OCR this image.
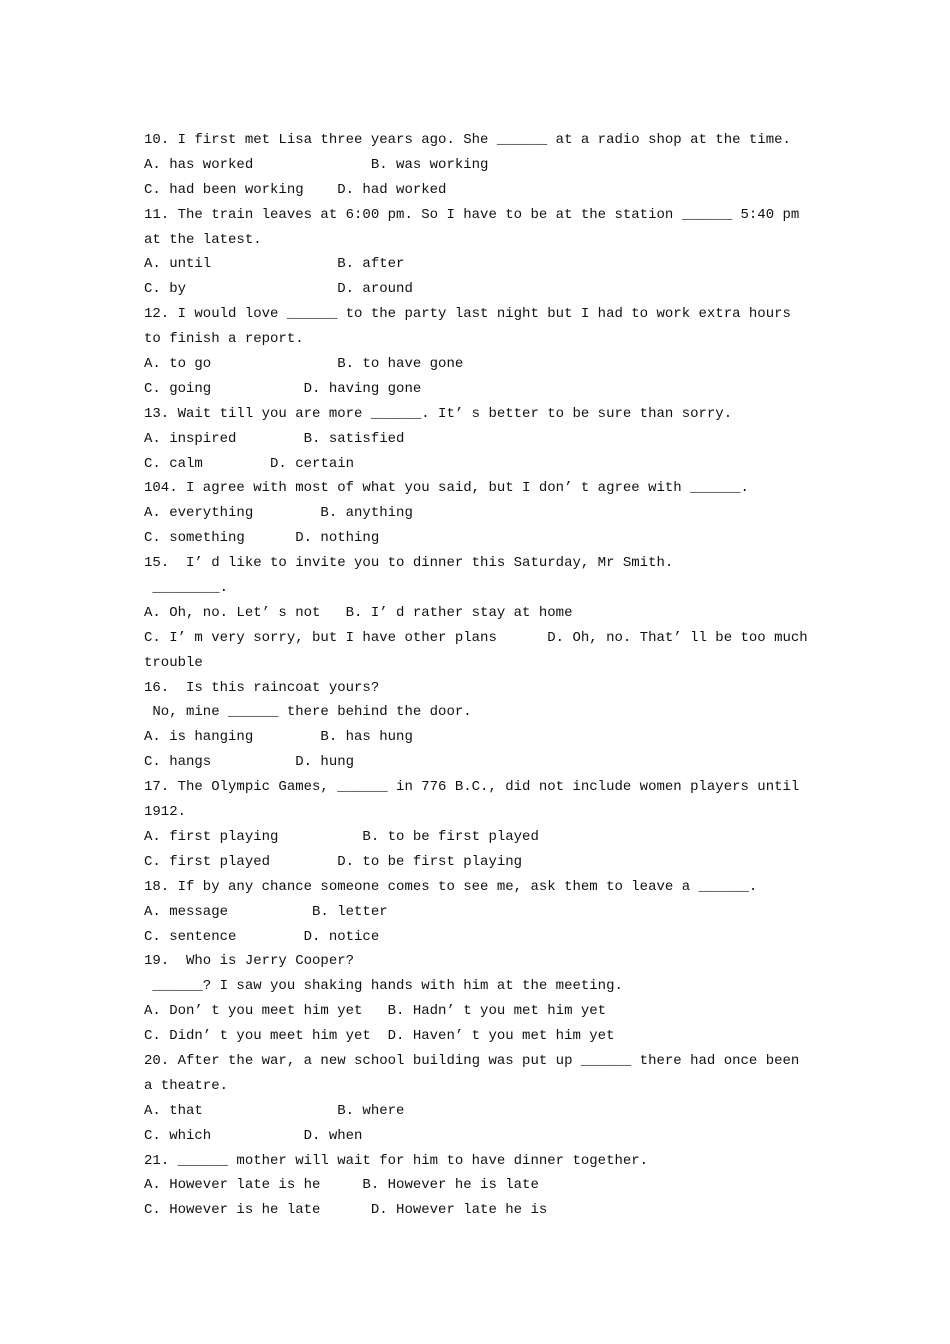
10. I first met Lisa three years ago. She ______ at a radio shop at the time.
A. has worked              B. was working
C. had been working    D. had worked
11. The train leaves at 6:00 pm. So I have to be at the station ______ 5:40 pm
at the latest.
A. until               B. after
C. by                  D. around
12. I would love ______ to the party last night but I had to work extra hours
to finish a report.
A. to go               B. to have gone
C. going           D. having gone
13. Wait till you are more ______. It’ s better to be sure than sorry.
A. inspired        B. satisfied
C. calm        D. certain
104. I agree with most of what you said, but I don’ t agree with ______.
A. everything        B. anything
C. something      D. nothing
15.  I’ d like to invite you to dinner this Saturday, Mr Smith.
________.
A. Oh, no. Let’ s not   B. I’ d rather stay at home
C. I’ m very sorry, but I have other plans      D. Oh, no. That’ ll be too much
trouble
16.  Is this raincoat yours?
No, mine ______ there behind the door.
A. is hanging        B. has hung
C. hangs          D. hung
17. The Olympic Games, ______ in 776 B.C., did not include women players until
1912.
A. first playing          B. to be first played
C. first played        D. to be first playing
18. If by any chance someone comes to see me, ask them to leave a ______.
A. message          B. letter
C. sentence        D. notice
19.  Who is Jerry Cooper?
______? I saw you shaking hands with him at the meeting.
A. Don’ t you meet him yet   B. Hadn’ t you met him yet
C. Didn’ t you meet him yet  D. Haven’ t you met him yet
20. After the war, a new school building was put up ______ there had once been
a theatre.
A. that                B. where
C. which           D. when
21. ______ mother will wait for him to have dinner together.
A. However late is he     B. However he is late
C. However is he late      D. However late he is
